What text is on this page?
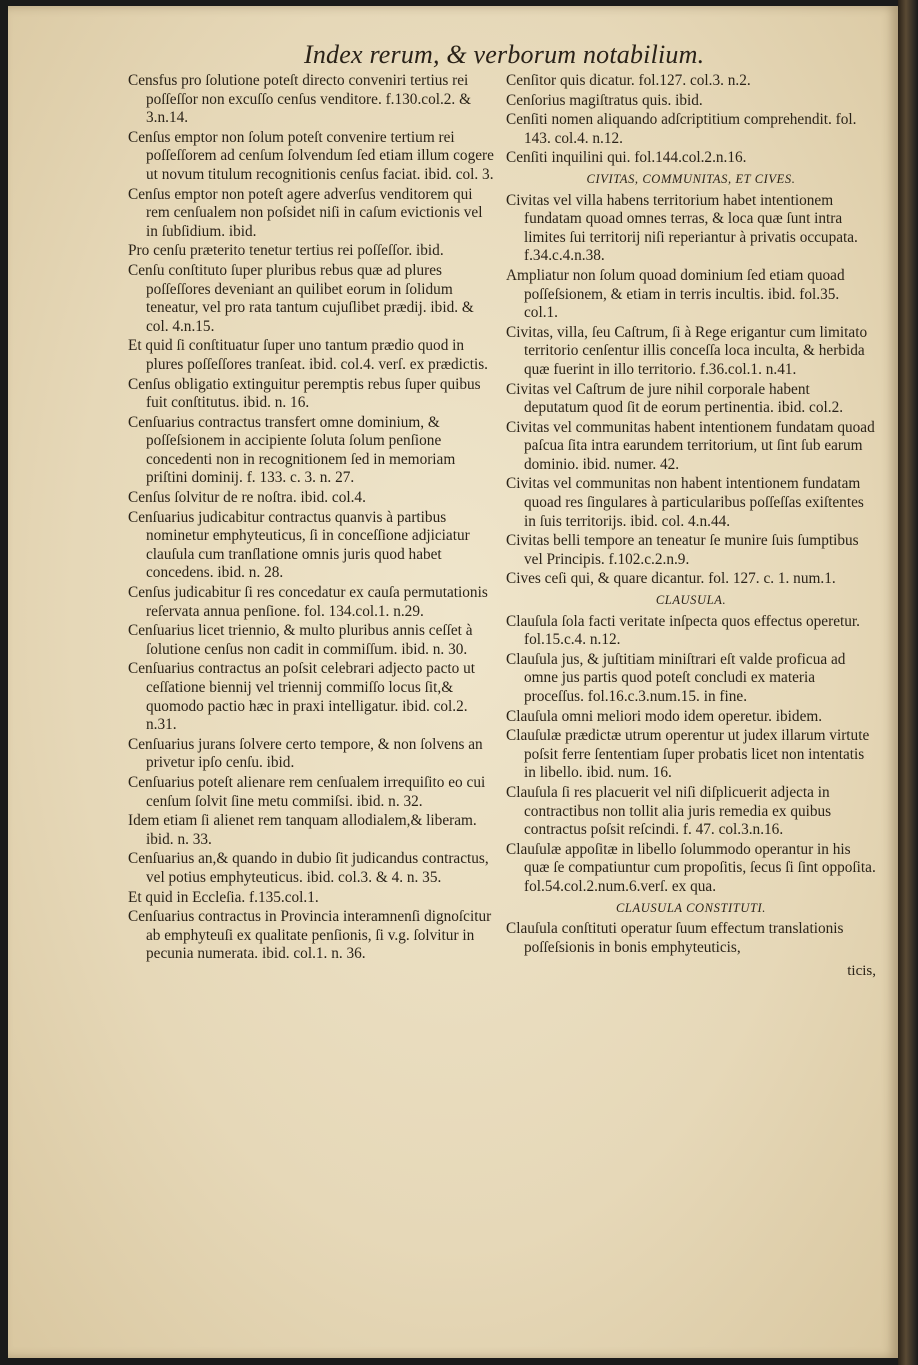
Index rerum, & verborum notabilium.
Censfus pro ſolutione poteſt directo conveniri tertius rei poſſeſſor non excuſſo cenſus venditore. f.130.col.2. & 3.n.14.
Cenſus emptor non ſolum poteſt convenire tertium rei poſſeſſorem ad cenſum ſolvendum ſed etiam illum cogere ut novum titulum recognitionis cenſus faciat. ibid. col. 3.
Cenſus emptor non poteſt agere adverſus venditorem qui rem cenſualem non poſsidet niſi in caſum evictionis vel in ſubſidium. ibid.
Pro cenſu præterito tenetur tertius rei poſſeſſor. ibid.
Cenſu conſtituto ſuper pluribus rebus quæ ad plures poſſeſſores deveniant an quilibet eorum in ſolidum teneatur, vel pro rata tantum cujuſlibet prædij. ibid. & col. 4.n.15.
Et quid ſi conſtituatur ſuper uno tantum prædio quod in plures poſſeſſores tranſeat. ibid. col.4. verſ. ex prædictis.
Cenſus obligatio extinguitur peremptis rebus ſuper quibus fuit conſtitutus. ibid. n. 16.
Cenſuarius contractus transfert omne dominium, & poſſeſsionem in accipiente ſoluta ſolum penſione concedenti non in recognitionem ſed in memoriam priſtini dominij. f. 133. c. 3. n. 27.
Cenſus ſolvitur de re noſtra. ibid. col.4.
Cenſuarius judicabitur contractus quanvis à partibus nominetur emphyteuticus, ſi in conceſſione adjiciatur clauſula cum tranſlatione omnis juris quod habet concedens. ibid. n. 28.
Cenſus judicabitur ſi res concedatur ex cauſa permutationis reſervata annua penſione. fol. 134.col.1. n.29.
Cenſuarius licet triennio, & multo pluribus annis ceſſet à ſolutione cenſus non cadit in commiſſum. ibid. n. 30.
Cenſuarius contractus an poſsit celebrari adjecto pacto ut ceſſatione biennij vel triennij commiſſo locus ſit,& quomodo pactio hæc in praxi intelligatur. ibid. col.2. n.31.
Cenſuarius jurans ſolvere certo tempore, & non ſolvens an privetur ipſo cenſu. ibid.
Cenſuarius poteſt alienare rem cenſualem irrequiſito eo cui cenſum ſolvit ſine metu commiſsi. ibid. n. 32.
Idem etiam ſi alienet rem tanquam allodialem,& liberam. ibid. n. 33.
Cenſuarius an,& quando in dubio ſit judicandus contractus, vel potius emphyteuticus. ibid. col.3. & 4. n. 35.
Et quid in Eccleſia. f.135.col.1.
Cenſuarius contractus in Provincia interamnenſi dignoſcitur ab emphyteuſi ex qualitate penſionis, ſi v.g. ſolvitur in pecunia numerata. ibid. col.1. n. 36.
Cenſitor quis dicatur. fol.127. col.3. n.2.
Cenſorius magiſtratus quis. ibid.
Cenſiti nomen aliquando adſcriptitium comprehendit. fol. 143. col.4. n.12.
Cenſiti inquilini qui. fol.144.col.2.n.16.
CIVITAS, COMMUNITAS, ET CIVES.
Civitas vel villa habens territorium habet intentionem fundatam quoad omnes terras, & loca quæ ſunt intra limites ſui territorij niſi reperiantur à privatis occupata. f.34.c.4.n.38.
Ampliatur non ſolum quoad dominium ſed etiam quoad poſſeſsionem, & etiam in terris incultis. ibid. fol.35. col.1.
Civitas, villa, ſeu Caſtrum, ſi à Rege erigantur cum limitato territorio cenſentur illis conceſſa loca inculta, & herbida quæ fuerint in illo territorio. f.36.col.1. n.41.
Civitas vel Caſtrum de jure nihil corporale habent deputatum quod ſit de eorum pertinentia. ibid. col.2.
Civitas vel communitas habent intentionem fundatam quoad paſcua ſita intra earundem territorium, ut ſint ſub earum dominio. ibid. numer. 42.
Civitas vel communitas non habent intentionem fundatam quoad res ſingulares à particularibus poſſeſſas exiſtentes in ſuis territorijs. ibid. col. 4.n.44.
Civitas belli tempore an teneatur ſe munire ſuis ſumptibus vel Principis. f.102.c.2.n.9.
Cives ceſi qui, & quare dicantur. fol. 127. c. 1. num.1.
CLAUSULA.
Clauſula ſola facti veritate inſpecta quos effectus operetur. fol.15.c.4. n.12.
Clauſula jus, & juſtitiam miniſtrari eſt valde proficua ad omne jus partis quod poteſt concludi ex materia proceſſus. fol.16.c.3.num.15. in fine.
Clauſula omni meliori modo idem operetur. ibidem.
Clauſulæ prædictæ utrum operentur ut judex illarum virtute poſsit ferre ſententiam ſuper probatis licet non intentatis in libello. ibid. num. 16.
Clauſula ſi res placuerit vel niſi diſplicuerit adjecta in contractibus non tollit alia juris remedia ex quibus contractus poſsit reſcindi. f. 47. col.3.n.16.
Clauſulæ appoſitæ in libello ſolummodo operantur in his quæ ſe compatiuntur cum propoſitis, ſecus ſi ſint oppoſita. fol.54.col.2.num.6.verſ. ex qua.
CLAUSULA CONSTITUTI.
Clauſula conſtituti operatur ſuum effectum translationis poſſeſsionis in bonis emphyteuticis,
ticis,
